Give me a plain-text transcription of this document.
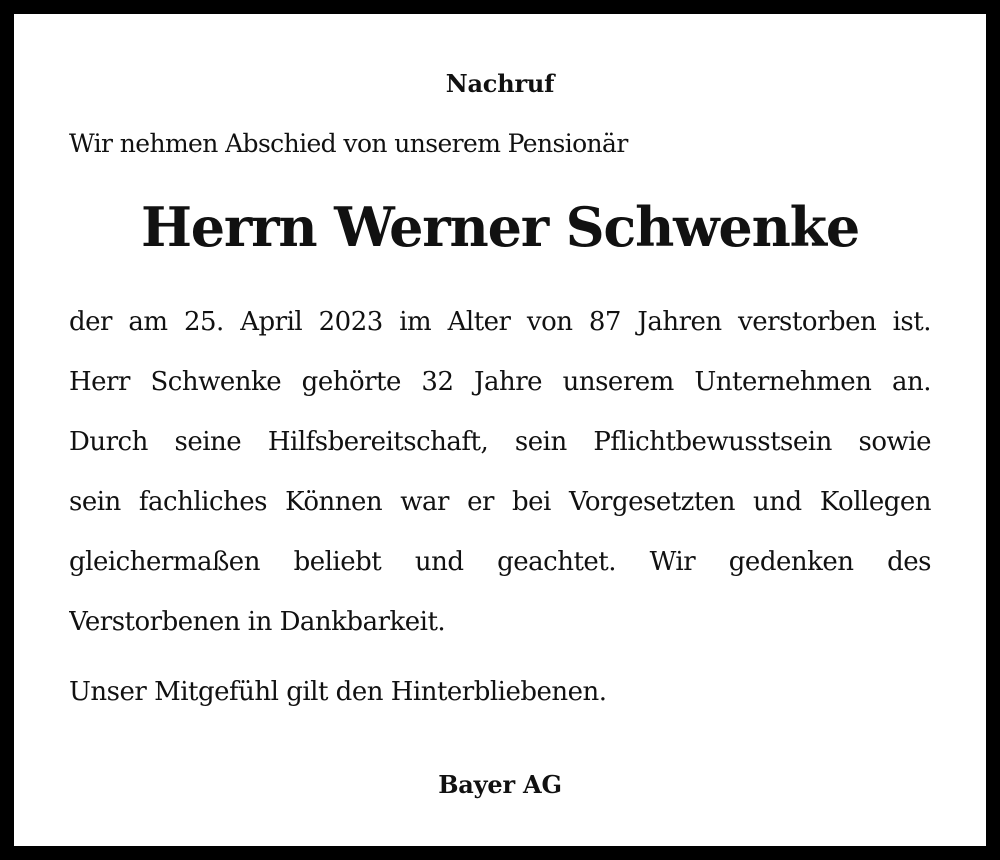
Nachruf
Wir nehmen Abschied von unserem Pensionär
Herrn Werner Schwenke
der am 25. April 2023 im Alter von 87 Jahren verstorben ist.
Herr Schwenke gehörte 32 Jahre unserem Unternehmen an.
Durch seine Hilfsbereitschaft, sein Pflichtbewusstsein sowie
sein fachliches Können war er bei Vorgesetzten und Kollegen
gleichermaßen beliebt und geachtet. Wir gedenken des
Verstorbenen in Dankbarkeit.
Unser Mitgefühl gilt den Hinterbliebenen.
Bayer AG
